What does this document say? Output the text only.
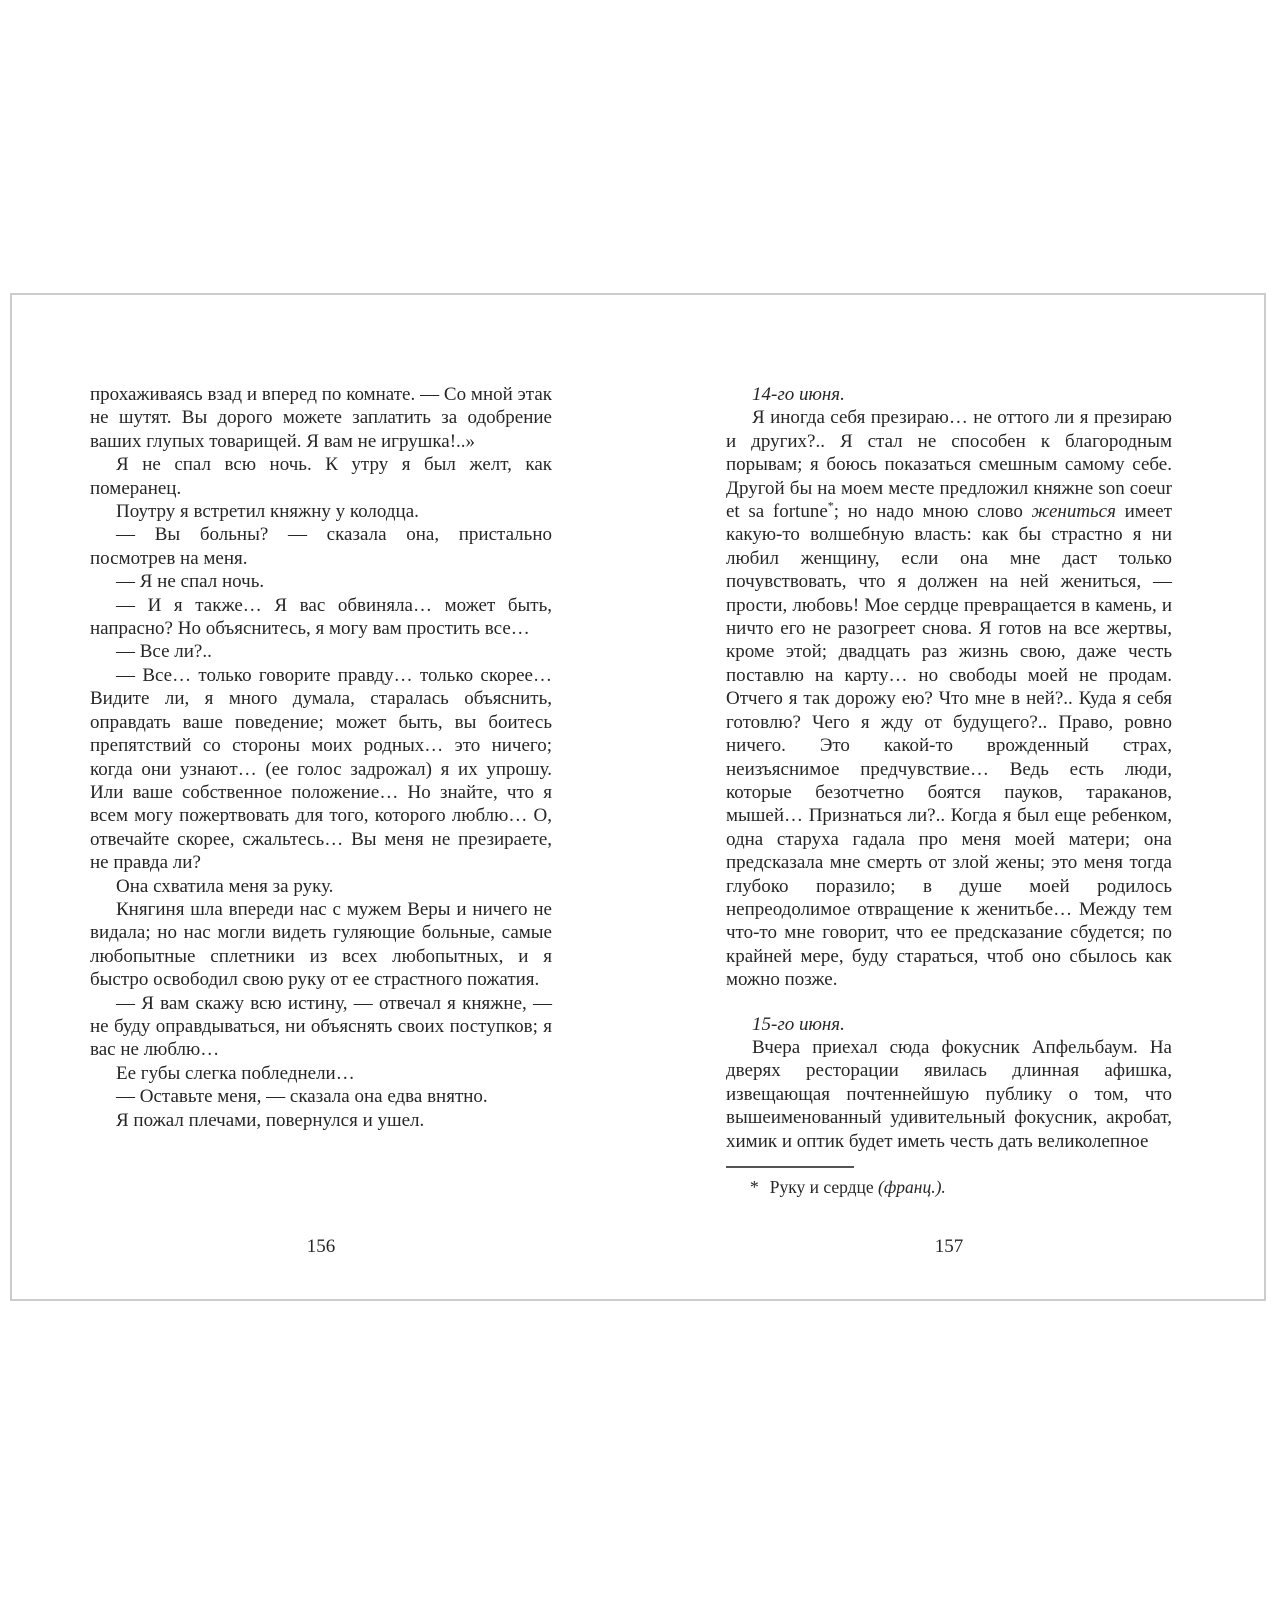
прохаживаясь взад и вперед по комнате. — Со мной этак не шутят. Вы дорого можете заплатить за одобрение ваших глупых товарищей. Я вам не игрушка!..»

Я не спал всю ночь. К утру я был желт, как померанец.

Поутру я встретил княжну у колодца.

— Вы больны? — сказала она, пристально посмотрев на меня.

— Я не спал ночь.

— И я также… Я вас обвиняла… может быть, напрасно? Но объяснитесь, я могу вам простить все…

— Все ли?..

— Все… только говорите правду… только скорее… Видите ли, я много думала, старалась объяснить, оправдать ваше поведение; может быть, вы боитесь препятствий со стороны моих родных… это ничего; когда они узнают… (ее голос задрожал) я их упрошу. Или ваше собственное положение… Но знайте, что я всем могу пожертвовать для того, которого люблю… О, отвечайте скорее, сжальтесь… Вы меня не презираете, не правда ли?

Она схватила меня за руку.

Княгиня шла впереди нас с мужем Веры и ничего не видала; но нас могли видеть гуляющие больные, самые любопытные сплетники из всех любопытных, и я быстро освободил свою руку от ее страстного пожатия.

— Я вам скажу всю истину, — отвечал я княжне, — не буду оправдываться, ни объяснять своих поступков; я вас не люблю…

Ее губы слегка побледнели…

— Оставьте меня, — сказала она едва внятно.

Я пожал плечами, повернулся и ушел.

14-го июня.

Я иногда себя презираю… не оттого ли я презираю и других?.. Я стал не способен к благородным порывам; я боюсь показаться смешным самому себе. Другой бы на моем месте предложил княжне son coeur et sa fortune*; но надо мною слово жениться имеет какую-то волшебную власть: как бы страстно я ни любил женщину, если она мне даст только почувствовать, что я должен на ней жениться, — прости, любовь! Мое сердце превращается в камень, и ничто его не разогреет снова. Я готов на все жертвы, кроме этой; двадцать раз жизнь свою, даже честь поставлю на карту… но свободы моей не продам. Отчего я так дорожу ею? Что мне в ней?.. Куда я себя готовлю? Чего я жду от будущего?.. Право, ровно ничего. Это какой-то врожденный страх, неизъяснимое предчувствие… Ведь есть люди, которые безотчетно боятся пауков, тараканов, мышей… Признаться ли?.. Когда я был еще ребенком, одна старуха гадала про меня моей матери; она предсказала мне смерть от злой жены; это меня тогда глубоко поразило; в душе моей родилось непреодолимое отвращение к женитьбе… Между тем что-то мне говорит, что ее предсказание сбудется; по крайней мере, буду стараться, чтоб оно сбылось как можно позже.

15-го июня.

Вчера приехал сюда фокусник Апфельбаум. На дверях ресторации явилась длинная афишка, извещающая почтеннейшую публику о том, что вышеименованный удивительный фокусник, акробат, химик и оптик будет иметь честь дать великолепное

* Руку и сердце (франц.).

156	157
